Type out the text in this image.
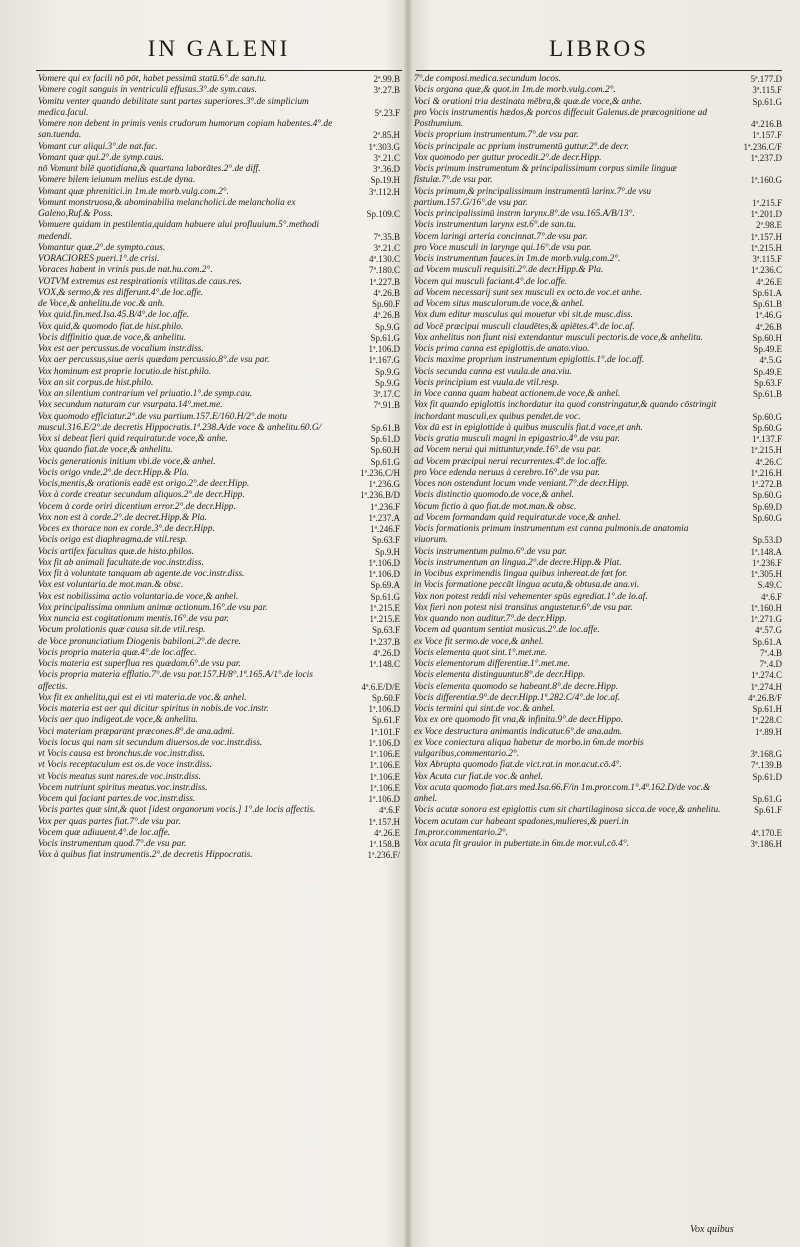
IN GALENI	LIBROS
Vomere qui ex facili nō pōt, habet pessimū statū.6°.de san.tu.	2ª.99.B
Vomere cogit sanguis in ventriculū effusus.3°.de sym.caus.	3ª.27.B
Vomitu venter quando debilitate sunt partes superiores.3°.de simplicium medica.facul.	5ª.23.F
Vomere non debent in primis venis crudorum humorum copiam habentes.4°.de san.tuenda.	2ª.85.H
Vomant cur aliqui.3°.de nat.fac.	1ª.303.G
Vomant quæ qui.2°.de symp.caus.	3ª.21.C
nō Vomunt bilē quotidiana,& quartana laborātes.2°.de diff.	3ª.36.D
Vomere bilem ieiunum melius est.de dyna.	Sp.19.H
Vomant quæ phrenitici.in 1m.de morb.vulg.com.2°.	3ª.112.H
Vomunt monstruosa,& abominabilia melancholici.de melancholia ex Galeno,Ruf.& Poss.	Sp.109.C
Vomuere quidam in pestilentia,quidam habuere alui profluuium.5°.methodi medendi.	7ª.35.B
Vomantur quæ.2°.de sympto.caus.	3ª.21.C
VORACIORES pueri.1°.de crisi.	4ª.130.C
Voraces habent in vrinis pus.de nat.hu.com.2°.	7ª.180.C
VOTVM extremus est respirationis vtilitas.de caus.res.	1ª.227.B
VOX,& sermo,& res differunt.4°.de loc.affe.	4ª.26.B
de Voce,& anhelitu.de voc.& anh.	Sp.60.F
Vox quid.fin.med.Isa.45.B/4°.de loc.affe.	4ª.26.B
Vox quid,& quomodo fiat.de hist.philo.	Sp.9.G
Vocis diffinitio quæ.de voce,& anhelitu.	Sp.61.G
Vox est aer percussus.de vocalium instr.diss.	1ª.106.D
Vox aer percussus,siue aeris quædam percussio.8°.de vsu par.	1ª.167.G
Vox hominum est proprie locutio.de hist.philo.	Sp.9.G
Vox an sit corpus.de hist.philo.	Sp.9.G
Vox an silentium contrarium vel priuatio.1°.de symp.cau.	3ª.17.C
Vox secundum naturam cur vsurpata.14°.met.me.	7ª.91.B
Vox quomodo efficiatur.2°.de vsu partium.157.E/160.H/2°.de motu muscul.316.E/2°.de decretis Hippocratis.1ª.238.A/de voce & anhelitu.60.G/	Sp.61.B
Vox si debeat fieri quid requiratur.de voce,& anhe.	Sp.61.D
Vox quando fiat.de voce,& anhelitu.	Sp.60.H
Vocis generationis initium vbi.de voce,& anhel.	Sp.61.G
Vocis origo vnde.2°.de decr.Hipp.& Pla.	1ª.236.C/H
Vocis,mentis,& orationis eadē est origo.2°.de decr.Hipp.	1ª.236.G
Vox à corde creatur secundum aliquos.2°.de decr.Hipp.	1ª.236.B/D
Vocem à corde oriri dicentium error.2°.de decr.Hipp.	1ª.236.F
Vox non est à corde.2°.de decret.Hipp.& Pla.	1ª.237.A
Voces ex thorace non ex corde.3°.de decr.Hipp.	1ª.246.F
Vocis origo est diaphragma.de vtil.resp.	Sp.63.F
Vocis artifex facultas quæ.de histo.philos.	Sp.9.H
Vox fit ab animali facultate.de voc.instr.diss.	1ª.106.D
Vox fit à voluntate tanquam ab agente.de voc.instr.diss.	1ª.106.D
Vox est voluntaria.de mot.man.& obsc.	Sp.69.A
Vox est nobilissima actio voluntaria.de voce,& anhel.	Sp.61.G
Vox principalissima omnium animæ actionum.16°.de vsu par.	1ª.215.E
Vox nuncia est cogitationum mentis.16°.de vsu par.	1ª.215.E
Vocum prolationis quæ causa sit.de vtil.resp.	Sp.63.F
de Voce pronunciatium Diogenis babiloni.2°.de decre.	1ª.237.B
Vocis propria materia quæ.4°.de loc.affec.	4ª.26.D
Vocis materia est superflua res quædam.6°.de vsu par.	1ª.148.C
Vocis propria materia efflatio.7°.de vsu par.157.H/8°.1ª.165.A/1°.de locis affectis.	4ª.6.E/D/E
Vox fit ex anhelitu,qui est ei vti materia.de voc.& anhel.	Sp.60.F
Vocis materia est aer qui dicitur spiritus in nobis.de voc.instr.	1ª.106.D
Vocis aer quo indigeat.de voce,& anhelitu.	Sp.61.F
Voci materiam præparant præcones.8°.de ana.admi.	1ª.101.F
Vocis locus qui nam sit secundum diuersos.de voc.instr.diss.	1ª.106.D
vt Vocis causa est bronchus.de voc.instr.diss.	1ª.106.E
vt Vocis receptaculum est os.de voce instr.diss.	1ª.106.E
vt Vocis meatus sunt nares.de voc.instr.diss.	1ª.106.E
Vocem nutriunt spiritus meatus.voc.instr.diss.	1ª.106.E
Vocem qui faciant partes.de voc.instr.diss.	1ª.106.D
Vocis partes quæ sint,& quot [idest organorum vocis.] 1°.de locis affectis.	4ª.6.F
Vox per quas partes fiat.7°.de vsu par.	1ª.157.H
Vocem quæ adiuuent.4°.de loc.affe.	4ª.26.E
Vocis instrumentum quod.7°.de vsu par.	1ª.158.B
Vox à quibus fiat instrumentis.2°.de decretis Hippocratis.	1ª.236.F/
7°.de composi.medica.secundum locos.	5ª.177.D
Vocis organa quæ,& quot.in 1m.de morb.vulg.com.2°.	3ª.115.F
Voci & orationi tria destinata mēbra,& quæ.de voce,& anhe.	Sp.61.G
pro Vocis instrumentis hædos,& porcos diffecuit Galenus.de præcognitione ad Posthumium.	4ª.216.B
Vocis proprium instrumentum.7°.de vsu par.	1ª.157.F
Vocis principale ac pprium instrumentū guttur.2°.de decr.	1ª.236.C/F
Vox quomodo per guttur procedit.2°.de decr.Hipp.	1ª.237.D
Vocis primum instrumentum & principalissimum corpus simile linguæ fistulæ.7°.de vsu par.	1ª.160.G
Vocis primum,& principalissimum instrumentū larinx.7°.de vsu partium.157.G/16°.de vsu par.	1ª.215.F
Vocis principalissimū instrm larynx.8°.de vsu.165.A/B/13°.	1ª.201.D
Vocis instrumentum larynx est.6°.de san.tu.	2ª.98.E
Vocem laringi arteria concinnat.7°.de vsu par.	1ª.157.H
pro Voce musculi in larynge qui.16°.de vsu par.	1ª.215.H
Vocis instrumentum fauces.in 1m.de morb.vulg.com.2°.	3ª.115.F
ad Vocem musculi requisiti.2°.de decr.Hipp.& Pla.	1ª.236.C
Vocem qui musculi faciant.4°.de loc.affe.	4ª.26.E
ad Vocem necessarij sunt sex musculi ex octo.de voc.et anhe.	Sp.61.A
ad Vocem situs musculorum.de voce,& anhel.	Sp.61.B
Vox dum editur musculus qui mouetur vbi sit.de musc.diss.	1ª.46.G
ad Vocē præcipui musculi claudētes,& apiētes.4°.de loc.af.	4ª.26.B
Vox anhelitus non fiunt nisi extendantur musculi pectoris.de voce,& anhelitu.	Sp.60.H
Vocis prima canna est epiglottis.de anato.viuo.	Sp.49.E
Vocis maxime proprium instrumentum epiglottis.1°.de loc.aff.	4ª.5.G
Vocis secunda canna est vuula.de ana.viu.	Sp.49.E
Vocis principium est vuula.de vtil.resp.	Sp.63.F
in Voce canna quam habeat actionem.de voce,& anhel.	Sp.61.B
Vox fit quando epiglottis inchordatur ita quod constringatur,& quando cōstringit inchordant musculi,ex quibus pendet.de voc.	Sp.60.G
Vox dū est in epiglottide à quibus musculis fiat.d voce,et anh.	Sp.60.G
Vocis gratia musculi magni in epigastrio.4°.de vsu par.	1ª.137.F
ad Vocem nerui qui mittuntur,vnde.16°.de vsu par.	1ª.215.H
ad Vocem præcipui nerui recurrentes.4°.de loc.affe.	4ª.26.C
pro Voce edenda neruus à cerebro.16°.de vsu par.	1ª.216.H
Voces non ostendunt locum vnde veniant.7°.de decr.Hipp.	1ª.272.B
Vocis distinctio quomodo.de voce,& anhel.	Sp.60.G
Vocum fictio à quo fiat.de mot.man.& obsc.	Sp.69.D
ad Vocem formandam quid requiratur.de voce,& anhel.	Sp.60.G
Vocis formationis primum instrumentum est canna pulmonis.de anatomia viuorum.	Sp.53.D
Vocis instrumentum pulmo.6°.de vsu par.	1ª.148.A
Vocis instrumentum an lingua.2°.de decre.Hipp.& Plat.	1ª.236.F
in Vocibus exprimendis lingua quibus inhereat.de fœt for.	1ª.305.H
in Vocis formatione peccāt lingua acuta,& obtusa.de ana.vi.	S.49.C
Vox non potest reddi nisi vehementer spūs egrediat.1°.de lo.af.	4ª.6.F
Vox fieri non potest nisi transitus angustetur.6°.de vsu par.	1ª.160.H
Vox quando non auditur.7°.de decr.Hipp.	1ª.271.G
Vocem ad quantum sentiat musicus.2°.de loc.affe.	4ª.57.G
ex Voce fit sermo.de voce,& anhel.	Sp.61.A
Vocis elementa quot sint.1°.met.me.	7ª.4.B
Vocis elementorum differentiæ.1°.met.me.	7ª.4.D
Vocis elementa distinguuntur.8°.de decr.Hipp.	1ª.274.C
Vocis elementa quomodo se habeant.8°.de decre.Hipp.	1ª.274.H
Vocis differentiæ.9°.de decr.Hipp.1ª.282.C/4°.de loc.af.	4ª.26.B/F
Vocis termini qui sint.de voc.& anhel.	Sp.61.H
Vox ex ore quomodo fit vna,& infinita.9°.de decr.Hippo.	1ª.228.C
ex Voce destructura animantis indicatur.6°.de ana.adm.	1ª.89.H
ex Voce coniectura aliqua habetur de morbo.in 6m.de morbis vulgaribus,commentario.2°.	3ª.168.G
Vox Abrupta quomodo fiat.de vict.rat.in mor.acut.cō.4°.	7ª.139.B
Vox Acuta cur fiat.de voc.& anhel.	Sp.61.D
Vox acuta quomodo fiat.ars med.Isa.66.F/in 1m.pror.com.1°.4ª.162.D/de voc.& anhel.	Sp.61.G
Vocis acutæ sonora est epiglottis cum sit chartilaginosa sicca.de voce,& anhelitu.	Sp.61.F
Vocem acutam cur habeant spadones,mulieres,& pueri.in 1m.pror.commentario.2°.	4ª.170.E
Vox acuta fit grauior in pubertate.in 6m.de mor.vul.cō.4°.	3ª.186.H
Vox quibus
